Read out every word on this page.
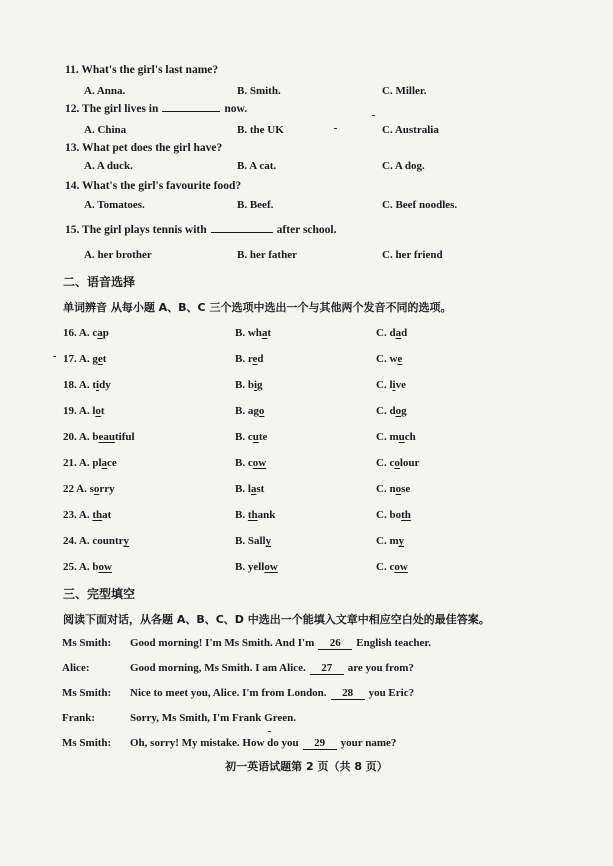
11. What's the girl's last name?
A. Anna.	B. Smith.	C. Miller.
12. The girl lives in	now.
A. China	B. the UK	C. Australia
13. What pet does the girl have?
A. A duck.	B. A cat.	C. A dog.
14. What's the girl's favourite food?
A. Tomatoes.	B. Beef.	C. Beef noodles.
15. The girl plays tennis with	after school.
A. her brother	B. her father	C. her friend
二、语音选择
单词辨音 从每小题 A、B、C 三个选项中选出一个与其他两个发音不同的选项。
16. A. cap	B. what	C. dad
17. A. get	B. red	C. we
18. A. tidy	B. big	C. live
19. A. lot	B. ago	C. dog
20. A. beautiful	B. cute	C. much
21. A. place	B. cow	C. colour
22 A. sorry	B. last	C. nose
23. A. that	B. thank	C. both
24. A. country	B. Sally	C. my
25. A. bow	B. yellow	C. cow
三、完型填空
阅读下面对话，从各题 A、B、C、D 中选出一个能填入文章中相应空白处的最佳答案。
Ms Smith: Good morning! I'm Ms Smith. And I'm 26 English teacher.
Alice:	Good morning, Ms Smith. I am Alice. 27 are you from?
Ms Smith: Nice to meet you, Alice. I'm from London. 28 you Eric?
Frank:	Sorry, Ms Smith, I'm Frank Green.
Ms Smith: Oh, sorry! My mistake. How do you 29 your name?
初一英语试题第 2 页（共 8 页）
